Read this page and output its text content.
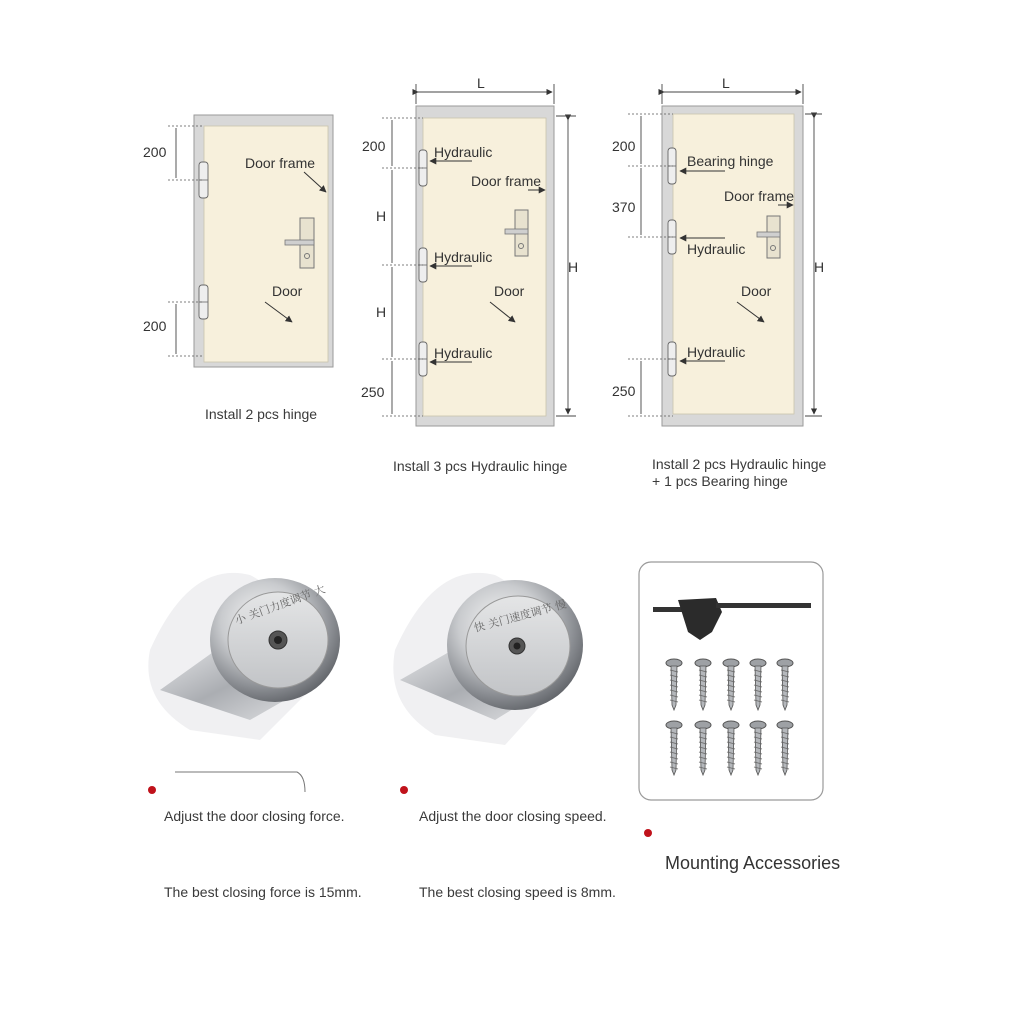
200
200
Door frame
Door
Install 2 pcs hinge
L
H
200
H
H
250
Hydraulic
Door frame
Hydraulic
Door
Hydraulic
Install 3 pcs Hydraulic hinge
L
H
200
370
250
Bearing hinge
Door frame
Hydraulic
Door
Hydraulic
Install 2 pcs Hydraulic hinge
+ 1 pcs Bearing hinge
小 关门力度调节 大
Adjust the door closing force.
The best closing force is 15mm.
快 关门速度调节 慢
Adjust the door closing speed.
The best closing speed is 8mm.
Mounting Accessories
